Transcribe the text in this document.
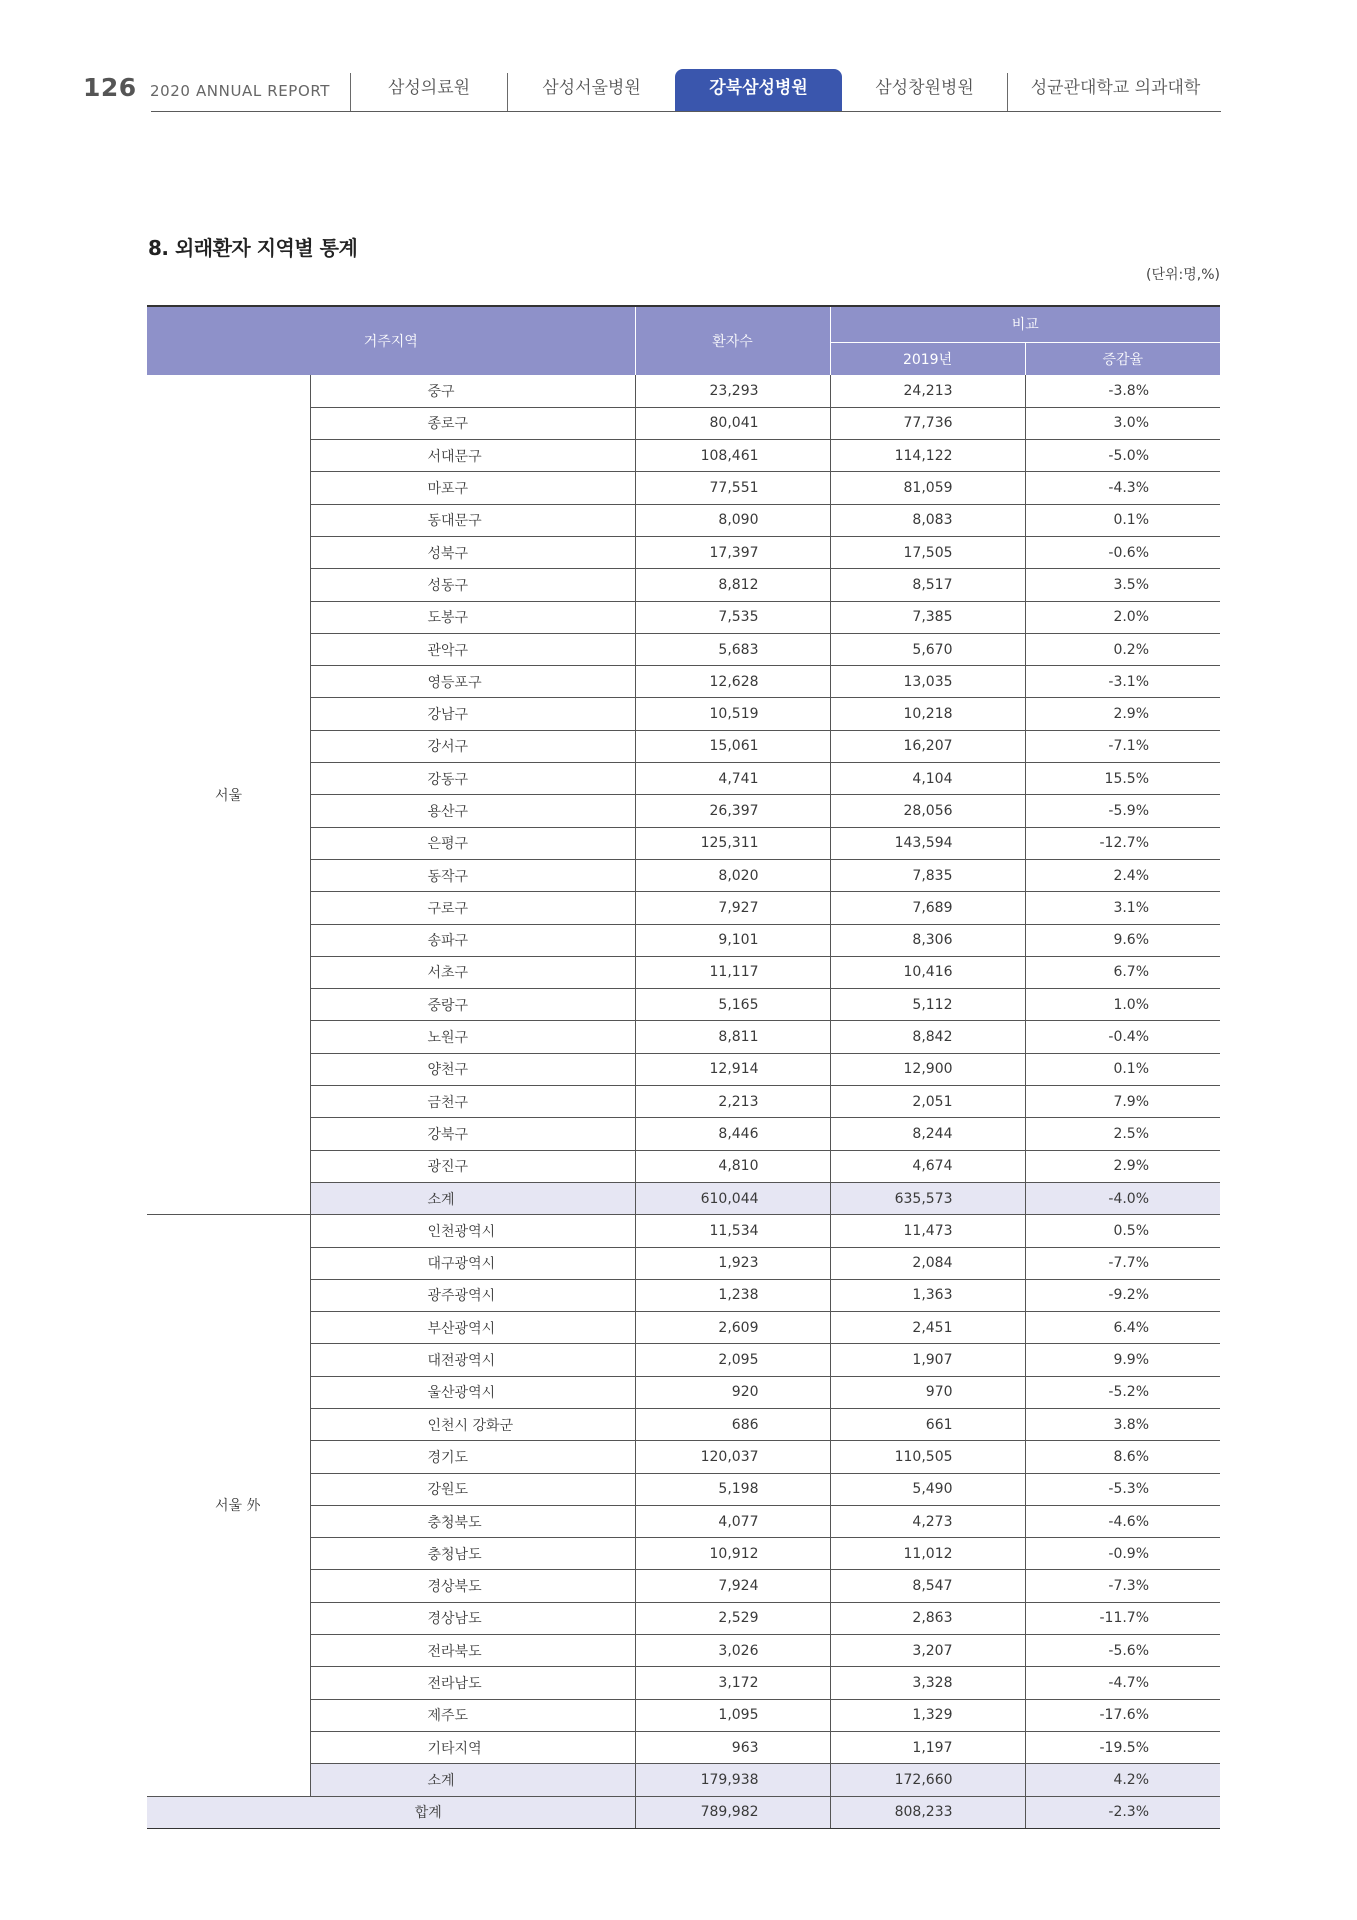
126 2020 ANNUAL REPORT	삼성의료원	삼성서울병원	강북삼성병원	삼성창원병원	성균관대학교 의과대학
8. 외래환자 지역별 통계
(단위:명,%)
거주지역		환자수	비교	
			2019년	증감율
서울	중구	23,293	24,213	-3.8%
	종로구	80,041	77,736	3.0%
	서대문구	108,461	114,122	-5.0%
	마포구	77,551	81,059	-4.3%
	동대문구	8,090	8,083	0.1%
	성북구	17,397	17,505	-0.6%
	성동구	8,812	8,517	3.5%
	도봉구	7,535	7,385	2.0%
	관악구	5,683	5,670	0.2%
	영등포구	12,628	13,035	-3.1%
	강남구	10,519	10,218	2.9%
	강서구	15,061	16,207	-7.1%
	강동구	4,741	4,104	15.5%
	용산구	26,397	28,056	-5.9%
	은평구	125,311	143,594	-12.7%
	동작구	8,020	7,835	2.4%
	구로구	7,927	7,689	3.1%
	송파구	9,101	8,306	9.6%
	서초구	11,117	10,416	6.7%
	중랑구	5,165	5,112	1.0%
	노원구	8,811	8,842	-0.4%
	양천구	12,914	12,900	0.1%
	금천구	2,213	2,051	7.9%
	강북구	8,446	8,244	2.5%
	광진구	4,810	4,674	2.9%
	소계	610,044	635,573	-4.0%
서울 外	인천광역시	11,534	11,473	0.5%
	대구광역시	1,923	2,084	-7.7%
	광주광역시	1,238	1,363	-9.2%
	부산광역시	2,609	2,451	6.4%
	대전광역시	2,095	1,907	9.9%
	울산광역시	920	970	-5.2%
	인천시 강화군	686	661	3.8%
	경기도	120,037	110,505	8.6%
	강원도	5,198	5,490	-5.3%
	충청북도	4,077	4,273	-4.6%
	충청남도	10,912	11,012	-0.9%
	경상북도	7,924	8,547	-7.3%
	경상남도	2,529	2,863	-11.7%
	전라북도	3,026	3,207	-5.6%
	전라남도	3,172	3,328	-4.7%
	제주도	1,095	1,329	-17.6%
	기타지역	963	1,197	-19.5%
	소계	179,938	172,660	4.2%
합계		789,982	808,233	-2.3%
